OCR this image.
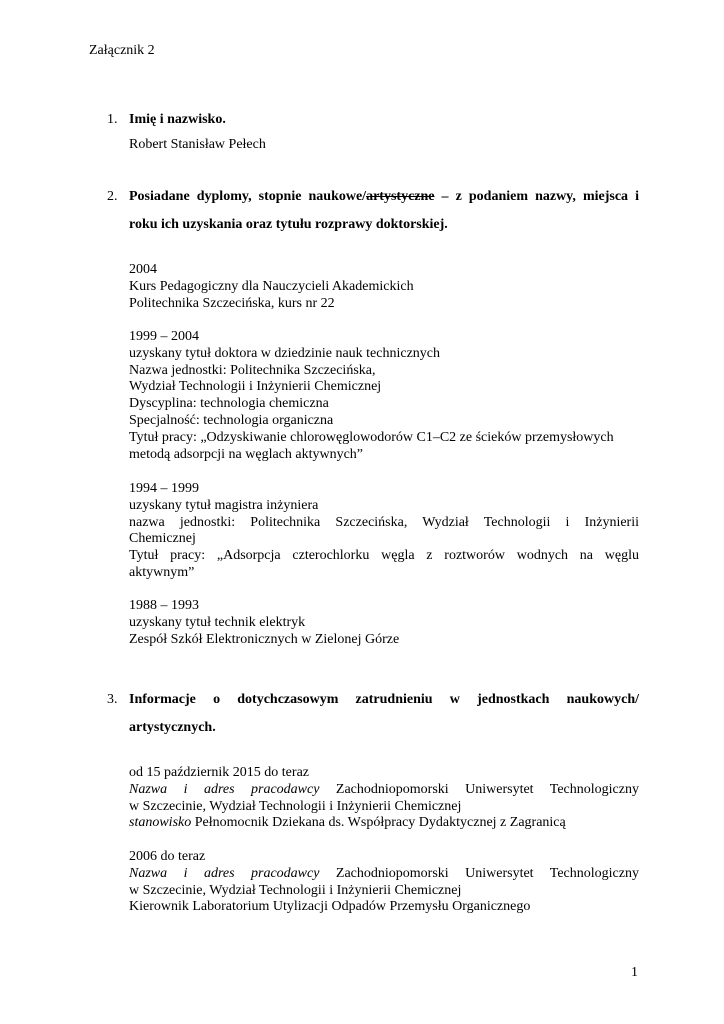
Załącznik 2
1. Imię i nazwisko.
Robert Stanisław Pełech
2. Posiadane dyplomy, stopnie naukowe/artystyczne – z podaniem nazwy, miejsca i
roku ich uzyskania oraz tytułu rozprawy doktorskiej.
2004
Kurs Pedagogiczny dla Nauczycieli Akademickich
Politechnika Szczecińska, kurs nr 22
1999 – 2004
uzyskany tytuł doktora w dziedzinie nauk technicznych
Nazwa jednostki: Politechnika Szczecińska,
Wydział Technologii i Inżynierii Chemicznej
Dyscyplina: technologia chemiczna
Specjalność: technologia organiczna
Tytuł pracy: „Odzyskiwanie chlorowęglowodorów C1–C2 ze ścieków przemysłowych
metodą adsorpcji na węglach aktywnych”
1994 – 1999
uzyskany tytuł magistra inżyniera
nazwa jednostki: Politechnika Szczecińska, Wydział Technologii i Inżynierii
Chemicznej
Tytuł pracy: „Adsorpcja czterochlorku węgla z roztworów wodnych na węglu
aktywnym”
1988 – 1993
uzyskany tytuł technik elektryk
Zespół Szkół Elektronicznych w Zielonej Górze
3. Informacje o dotychczasowym zatrudnieniu w jednostkach naukowych/
artystycznych.
od 15 październik 2015 do teraz
Nazwa i adres pracodawcy Zachodniopomorski Uniwersytet Technologiczny
w Szczecinie, Wydział Technologii i Inżynierii Chemicznej
stanowisko Pełnomocnik Dziekana ds. Współpracy Dydaktycznej z Zagranicą
2006 do teraz
Nazwa i adres pracodawcy Zachodniopomorski Uniwersytet Technologiczny
w Szczecinie, Wydział Technologii i Inżynierii Chemicznej
Kierownik Laboratorium Utylizacji Odpadów Przemysłu Organicznego
1
